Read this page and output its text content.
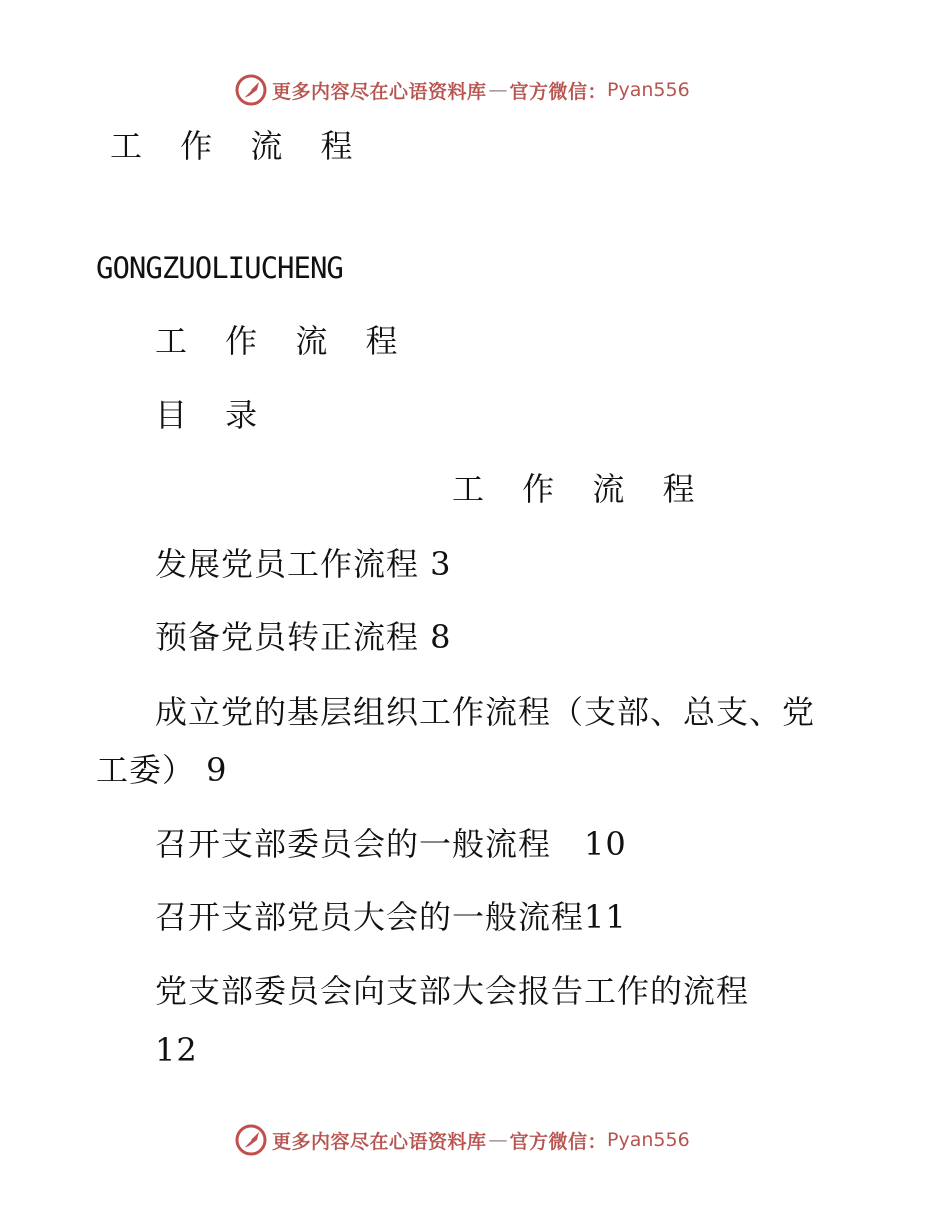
更多内容尽在心语资料库 — 官方微信： Pyan556
工 作 流 程
GONGZUOLIUCHENG
工 作 流 程
目 录
工 作 流 程
发展党员工作流程 3
预备党员转正流程 8
成立党的基层组织工作流程（支部、总支、党
工委） 9
召开支部委员会的一般流程　10
召开支部党员大会的一般流程11
党支部委员会向支部大会报告工作的流程
12
更多内容尽在心语资料库 — 官方微信： Pyan556
